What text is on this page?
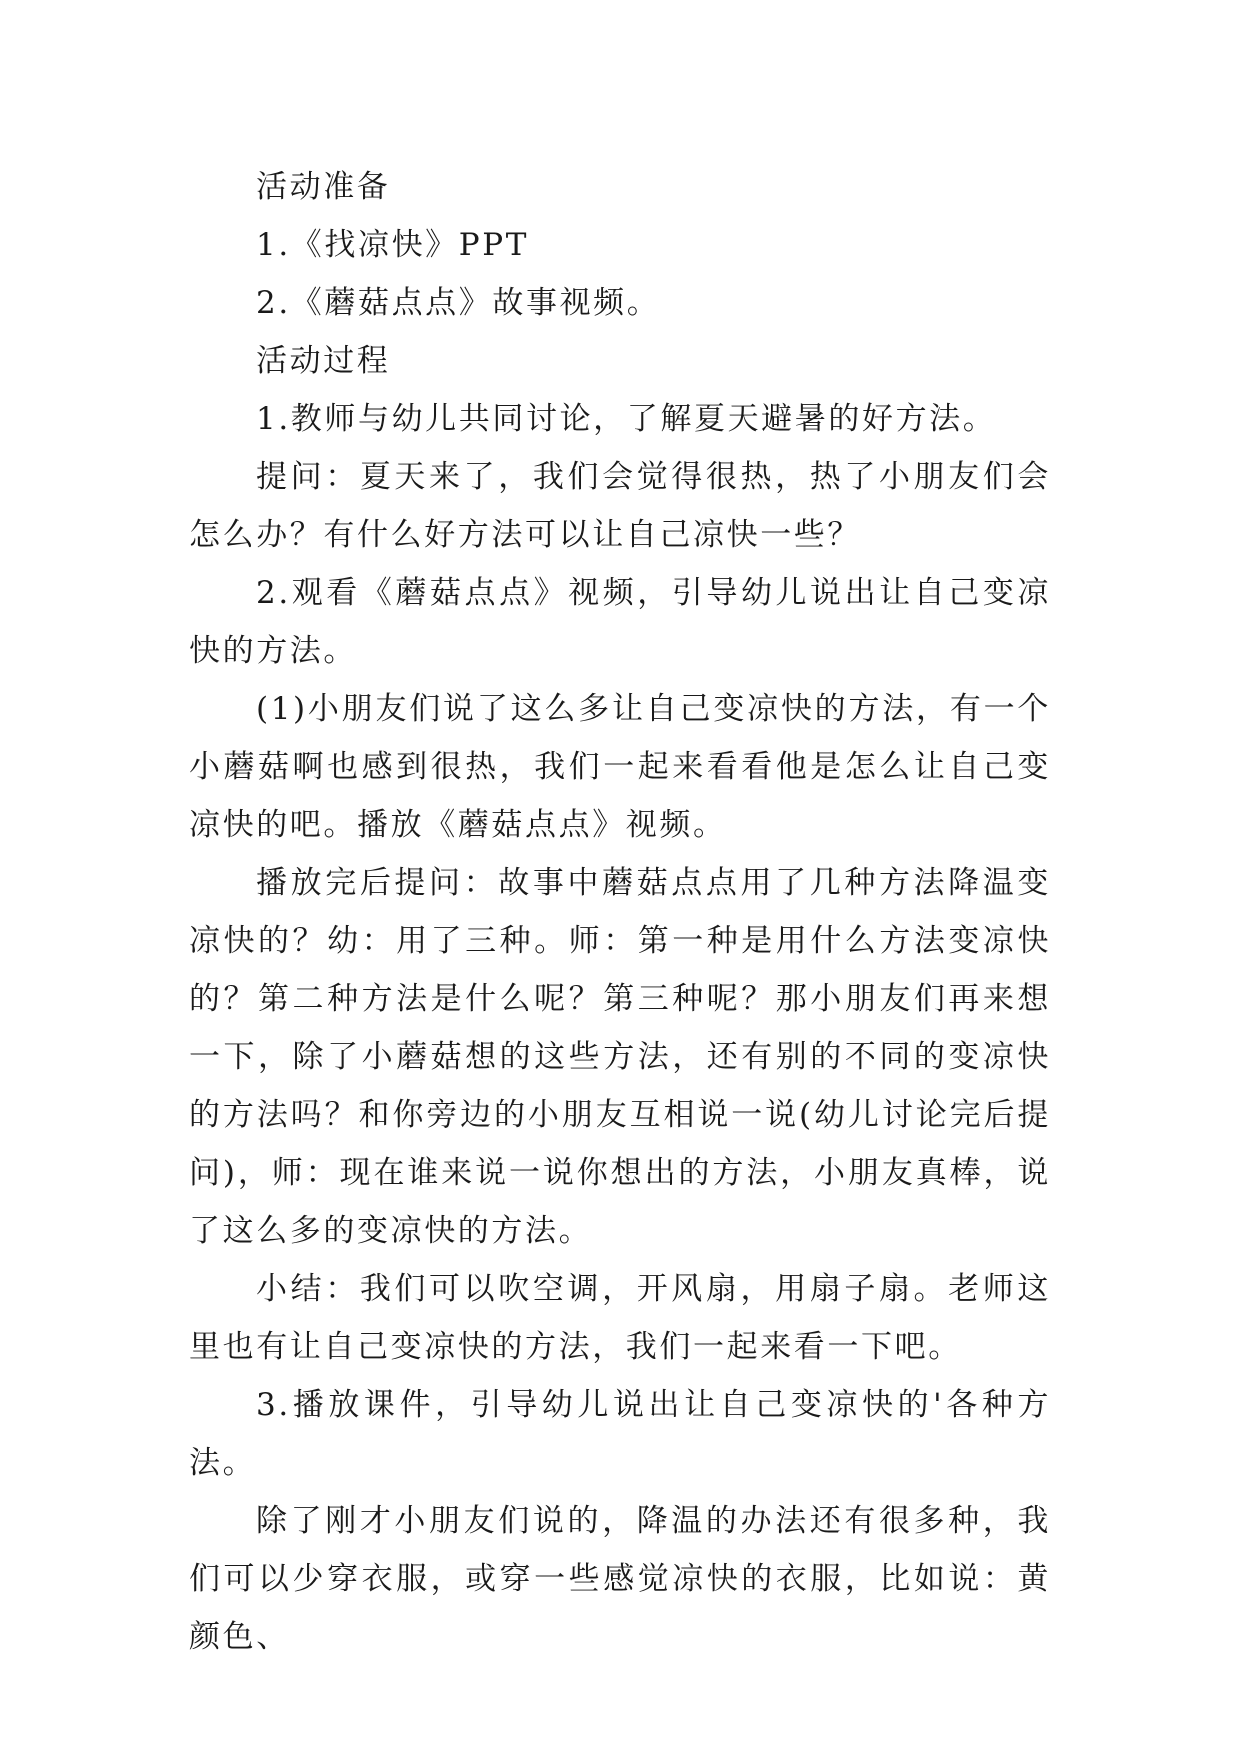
活动准备

1.《找凉快》PPT

2.《蘑菇点点》故事视频。

活动过程

1.教师与幼儿共同讨论，了解夏天避暑的好方法。

提问：夏天来了，我们会觉得很热，热了小朋友们会怎么办？有什么好方法可以让自己凉快一些？

2.观看《蘑菇点点》视频，引导幼儿说出让自己变凉快的方法。

(1)小朋友们说了这么多让自己变凉快的方法，有一个小蘑菇啊也感到很热，我们一起来看看他是怎么让自己变凉快的吧。播放《蘑菇点点》视频。

播放完后提问：故事中蘑菇点点用了几种方法降温变凉快的？幼：用了三种。师：第一种是用什么方法变凉快的？第二种方法是什么呢？第三种呢？那小朋友们再来想一下，除了小蘑菇想的这些方法，还有别的不同的变凉快的方法吗？和你旁边的小朋友互相说一说(幼儿讨论完后提问)，师：现在谁来说一说你想出的方法，小朋友真棒，说了这么多的变凉快的方法。

小结：我们可以吹空调，开风扇，用扇子扇。老师这里也有让自己变凉快的方法，我们一起来看一下吧。

3.播放课件，引导幼儿说出让自己变凉快的'各种方法。

除了刚才小朋友们说的，降温的办法还有很多种，我们可以少穿衣服，或穿一些感觉凉快的衣服，比如说：黄颜色、
